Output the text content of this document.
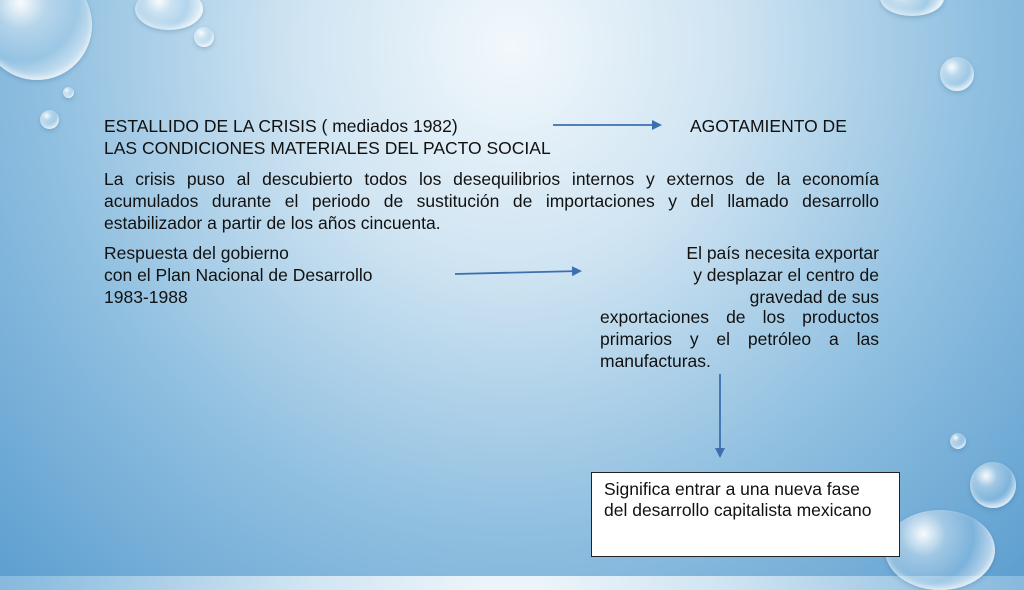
ESTALLIDO DE LA CRISIS ( mediados 1982)	AGOTAMIENTO DE
LAS CONDICIONES MATERIALES DEL PACTO SOCIAL
La crisis puso al descubierto todos los desequilibrios internos y externos de la economía acumulados durante el periodo de sustitución de importaciones y del llamado desarrollo estabilizador a partir de los años cincuenta.
Respuesta del gobierno
con el Plan Nacional de Desarrollo
1983-1988
El país necesita exportar
y desplazar el centro de
gravedad de sus
exportaciones de los productos primarios y el petróleo a las manufacturas.
Significa entrar a una nueva fase del desarrollo capitalista mexicano
